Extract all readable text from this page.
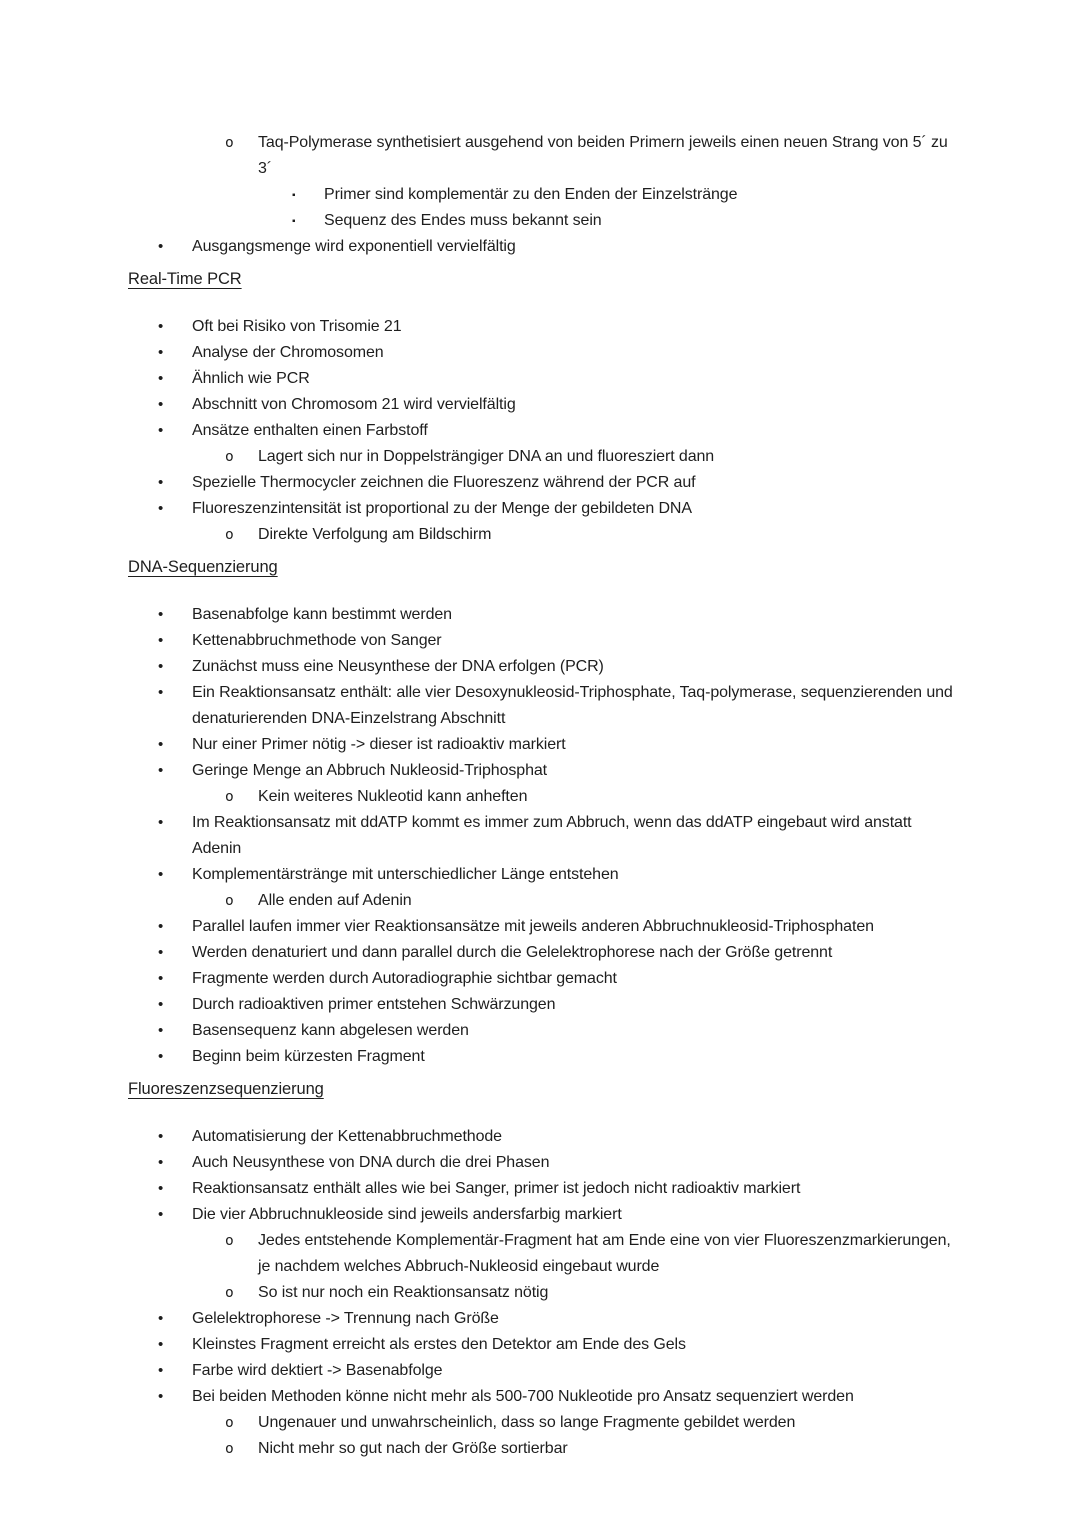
o Taq-Polymerase synthetisiert ausgehend von beiden Primern jeweils einen neuen Strang von 5´ zu 3´
▪ Primer sind komplementär zu den Enden der Einzelstränge
▪ Sequenz des Endes muss bekannt sein
• Ausgangsmenge wird exponentiell vervielfältig
Real-Time PCR
• Oft bei Risiko von Trisomie 21
• Analyse der Chromosomen
• Ähnlich wie PCR
• Abschnitt von Chromosom 21 wird vervielfältig
• Ansätze enthalten einen Farbstoff
o Lagert sich nur in Doppelsträngiger DNA an und fluoresziert dann
• Spezielle Thermocycler zeichnen die Fluoreszenz während der PCR auf
• Fluoreszenzintensität ist proportional zu der Menge der gebildeten DNA
o Direkte Verfolgung am Bildschirm
DNA-Sequenzierung
• Basenabfolge kann bestimmt werden
• Kettenabbruchmethode von Sanger
• Zunächst muss eine Neusynthese der DNA erfolgen (PCR)
• Ein Reaktionsansatz enthält: alle vier Desoxynukleosid-Triphosphate, Taq-polymerase, sequenzierenden und denaturierenden DNA-Einzelstrang Abschnitt
• Nur einer Primer nötig -> dieser ist radioaktiv markiert
• Geringe Menge an Abbruch Nukleosid-Triphosphat
o Kein weiteres Nukleotid kann anheften
• Im Reaktionsansatz mit ddATP kommt es immer zum Abbruch, wenn das ddATP eingebaut wird anstatt Adenin
• Komplementärstränge mit unterschiedlicher Länge entstehen
o Alle enden auf Adenin
• Parallel laufen immer vier Reaktionsansätze mit jeweils anderen Abbruchnukleosid-Triphosphaten
• Werden denaturiert und dann parallel durch die Gelelektrophorese nach der Größe getrennt
• Fragmente werden durch Autoradiographie sichtbar gemacht
• Durch radioaktiven primer entstehen Schwärzungen
• Basensequenz kann abgelesen werden
• Beginn beim kürzesten Fragment
Fluoreszenzsequenzierung
• Automatisierung der Kettenabbruchmethode
• Auch Neusynthese von DNA durch die drei Phasen
• Reaktionsansatz enthält alles wie bei Sanger, primer ist jedoch nicht radioaktiv markiert
• Die vier Abbruchnukleoside sind jeweils andersfarbig markiert
o Jedes entstehende Komplementär-Fragment hat am Ende eine von vier Fluoreszenzmarkierungen, je nachdem welches Abbruch-Nukleosid eingebaut wurde
o So ist nur noch ein Reaktionsansatz nötig
• Gelelektrophorese -> Trennung nach Größe
• Kleinstes Fragment erreicht als erstes den Detektor am Ende des Gels
• Farbe wird dektiert -> Basenabfolge
• Bei beiden Methoden könne nicht mehr als 500-700 Nukleotide pro Ansatz sequenziert werden
o Ungenauer und unwahrscheinlich, dass so lange Fragmente gebildet werden
o Nicht mehr so gut nach der Größe sortierbar
